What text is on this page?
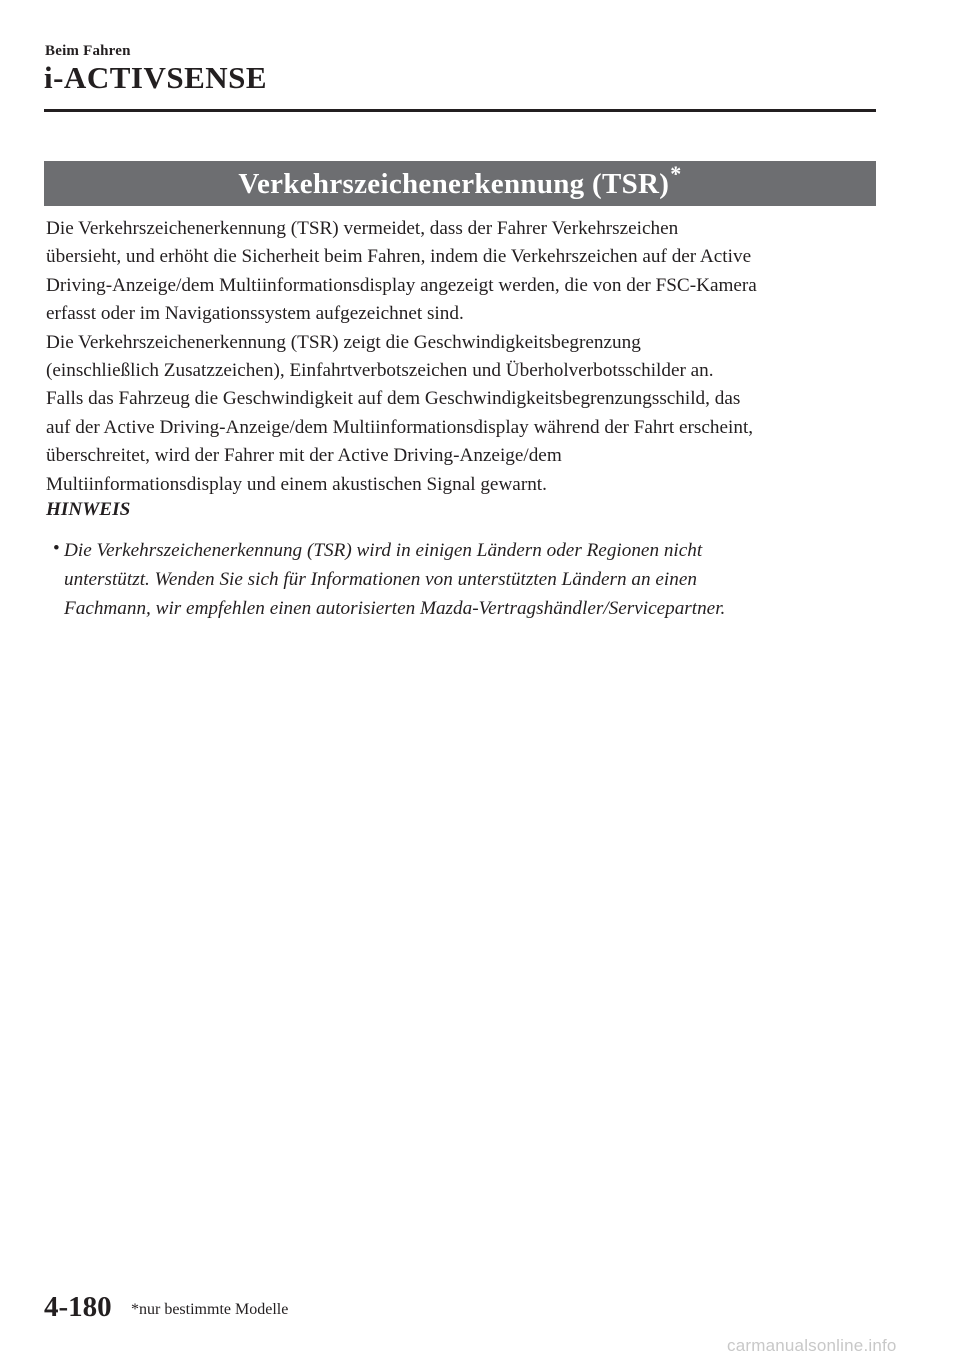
Beim Fahren
i-ACTIVSENSE
Verkehrszeichenerkennung (TSR)*

Die Verkehrszeichenerkennung (TSR) vermeidet, dass der Fahrer Verkehrszeichen

übersieht, und erhöht die Sicherheit beim Fahren, indem die Verkehrszeichen auf der Active

Driving-Anzeige/dem Multiinformationsdisplay angezeigt werden, die von der FSC-Kamera

erfasst oder im Navigationssystem aufgezeichnet sind.

Die Verkehrszeichenerkennung (TSR) zeigt die Geschwindigkeitsbegrenzung

(einschließlich Zusatzzeichen), Einfahrtverbotszeichen und Überholverbotsschilder an.

Falls das Fahrzeug die Geschwindigkeit auf dem Geschwindigkeitsbegrenzungsschild, das

auf der Active Driving-Anzeige/dem Multiinformationsdisplay während der Fahrt erscheint,

überschreitet, wird der Fahrer mit der Active Driving-Anzeige/dem

Multiinformationsdisplay und einem akustischen Signal gewarnt.

HINWEIS
• Die Verkehrszeichenerkennung (TSR) wird in einigen Ländern oder Regionen nicht
unterstützt. Wenden Sie sich für Informationen von unterstützten Ländern an einen
Fachmann, wir empfehlen einen autorisierten Mazda-Vertragshändler/Servicepartner.
4-180 *nur bestimmte Modelle
carmanualsonline.info
